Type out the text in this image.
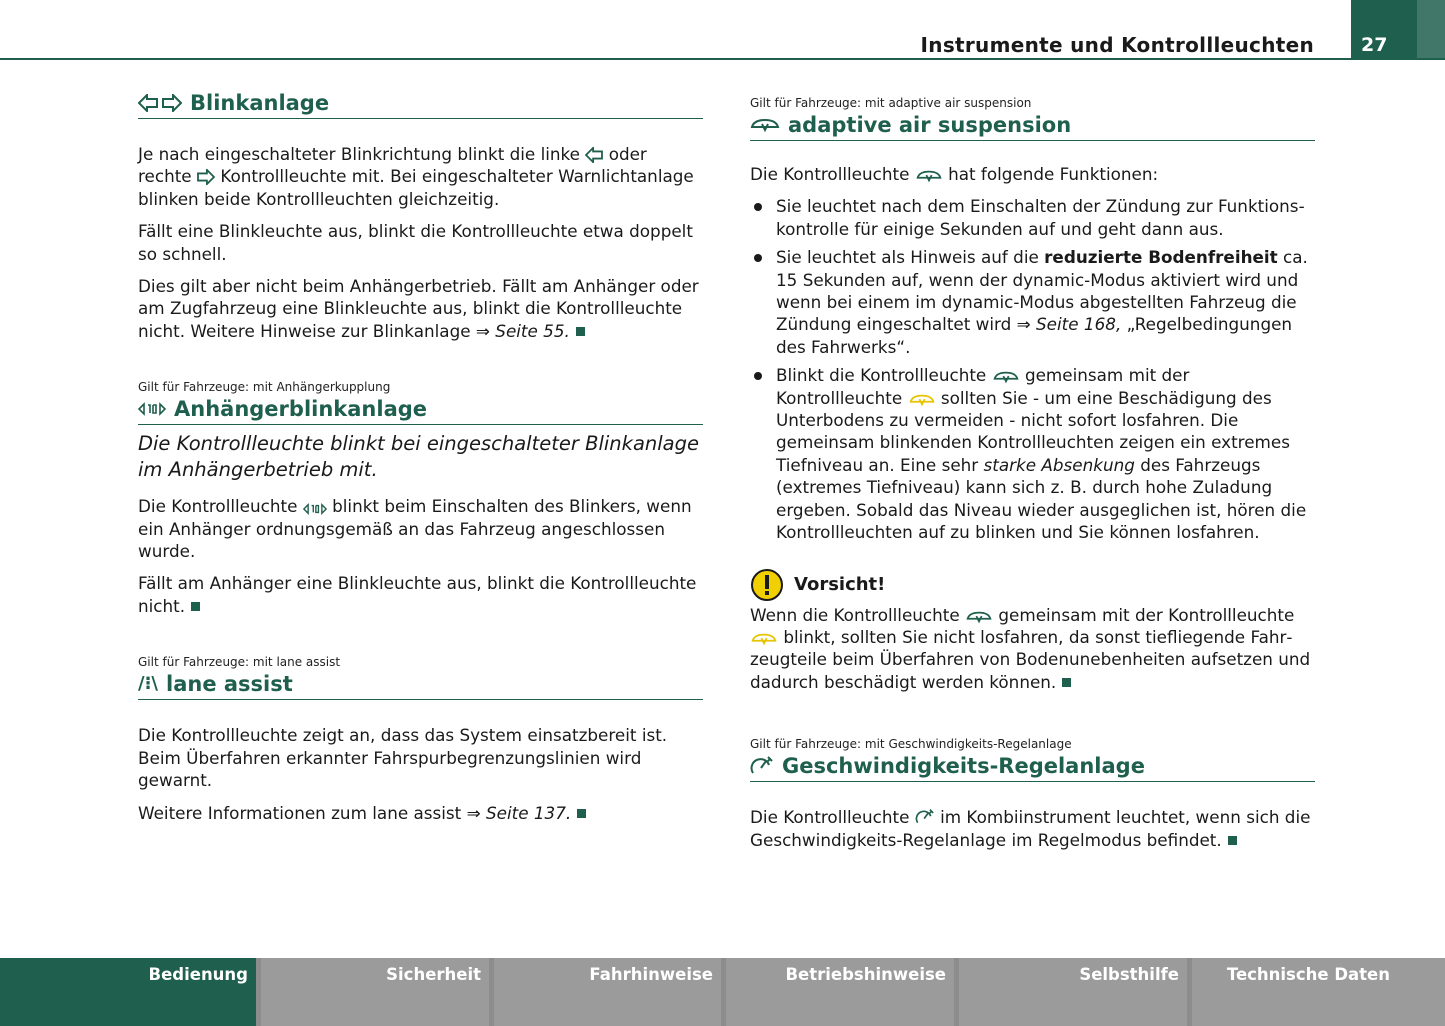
Instrumente und Kontrollleuchten 27
Blinkanlage

Je nach eingeschalteter Blinkrichtung blinkt die linke oder rechte Kontrollleuchte mit. Bei eingeschalteter Warnlichtanlage blinken beide Kontrollleuchten gleichzeitig.

Fällt eine Blinkleuchte aus, blinkt die Kontrollleuchte etwa doppelt so schnell.

Dies gilt aber nicht beim Anhängerbetrieb. Fällt am Anhänger oder am Zugfahrzeug eine Blinkleuchte aus, blinkt die Kontrollleuchte nicht. Weitere Hinweise zur Blinkanlage ⇒ Seite 55.

Gilt für Fahrzeuge: mit Anhängerkupplung
Anhängerblinkanlage

Die Kontrollleuchte blinkt bei eingeschalteter Blinkanlage im Anhängerbetrieb mit.

Die Kontrollleuchte blinkt beim Einschalten des Blinkers, wenn ein Anhänger ordnungsgemäß an das Fahrzeug angeschlossen wurde.

Fällt am Anhänger eine Blinkleuchte aus, blinkt die Kontrollleuchte nicht.

Gilt für Fahrzeuge: mit lane assist
/⁝\ lane assist

Die Kontrollleuchte zeigt an, dass das System einsatzbereit ist. Beim Überfahren erkannter Fahrspurbegrenzungslinien wird gewarnt.

Weitere Informationen zum lane assist ⇒ Seite 137.

Gilt für Fahrzeuge: mit adaptive air suspension
adaptive air suspension

Die Kontrollleuchte hat folgende Funktionen:

Sie leuchtet nach dem Einschalten der Zündung zur Funktionskontrolle für einige Sekunden auf und geht dann aus.

Sie leuchtet als Hinweis auf die reduzierte Bodenfreiheit ca. 15 Sekunden auf, wenn der dynamic-Modus aktiviert wird und wenn bei einem im dynamic-Modus abgestellten Fahrzeug die Zündung eingeschaltet wird ⇒ Seite 168, „Regelbedingungen des Fahrwerks“.

Blinkt die Kontrollleuchte gemeinsam mit der Kontrollleuchte sollten Sie - um eine Beschädigung des Unterbodens zu vermeiden - nicht sofort losfahren. Die gemeinsam blinkenden Kontrollleuchten zeigen ein extremes Tiefniveau an. Eine sehr starke Absenkung des Fahrzeugs (extremes Tiefniveau) kann sich z. B. durch hohe Zuladung ergeben. Sobald das Niveau wieder ausgeglichen ist, hören die Kontrollleuchten auf zu blinken und Sie können losfahren.

Vorsicht!

Wenn die Kontrollleuchte gemeinsam mit der Kontrollleuchte  blinkt, sollten Sie nicht losfahren, da sonst tiefliegende Fahrzeugteile beim Überfahren von Bodenunebenheiten aufsetzen und dadurch beschädigt werden können.

Gilt für Fahrzeuge: mit Geschwindigkeits-Regelanlage
Geschwindigkeits-Regelanlage

Die Kontrollleuchte im Kombiinstrument leuchtet, wenn sich die Geschwindigkeits-Regelanlage im Regelmodus befindet.

Bedienung	Sicherheit	Fahrhinweise	Betriebshinweise	Selbsthilfe	Technische Daten
